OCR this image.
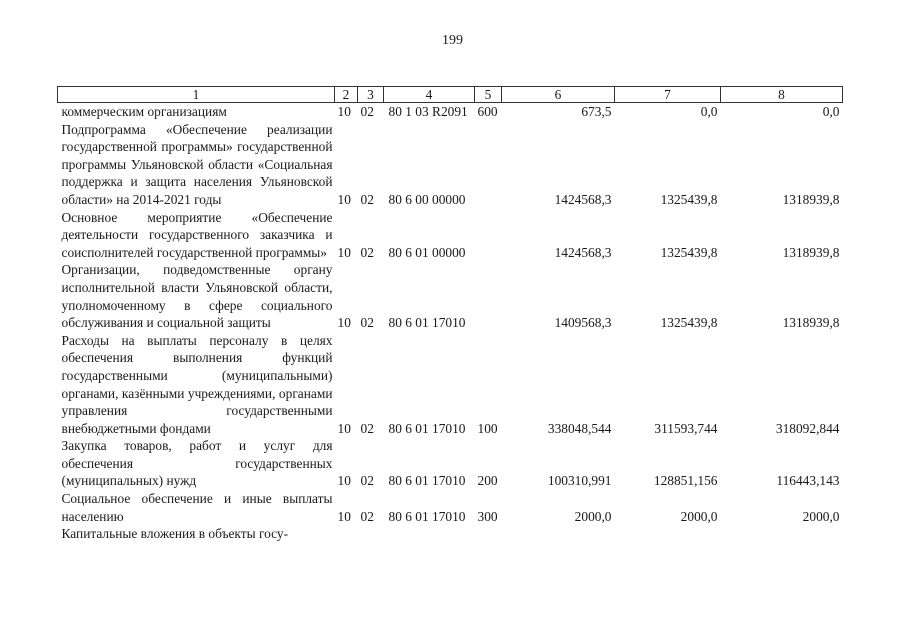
199
1	2	3	4	5	6	7	8
коммерческим организациям	10	02	80 1 03 R2091	600	673,5	0,0	0,0
Подпрограмма «Обеспечение реализации государственной программы» государственной программы Ульяновской области «Социальная поддержка и защита населения Ульяновской области» на 2014-2021 годы	10	02	80 6 00 00000		1424568,3	1325439,8	1318939,8
Основное мероприятие «Обеспечение деятельности государственного заказчика и соисполнителей государственной программы»	10	02	80 6 01 00000		1424568,3	1325439,8	1318939,8
Организации, подведомственные органу исполнительной власти Ульяновской области, уполномоченному в сфере социального обслуживания и социальной защиты	10	02	80 6 01 17010		1409568,3	1325439,8	1318939,8
Расходы на выплаты персоналу в целях обеспечения выполнения функций государственными (муниципальными) органами, казёнными учреждениями, органами управления государственными внебюджетными фондами	10	02	80 6 01 17010	100	338048,544	311593,744	318092,844
Закупка товаров, работ и услуг для обеспечения государственных (муниципальных) нужд	10	02	80 6 01 17010	200	100310,991	128851,156	116443,143
Социальное обеспечение и иные выплаты населению	10	02	80 6 01 17010	300	2000,0	2000,0	2000,0
Капитальные вложения в объекты госу-							
